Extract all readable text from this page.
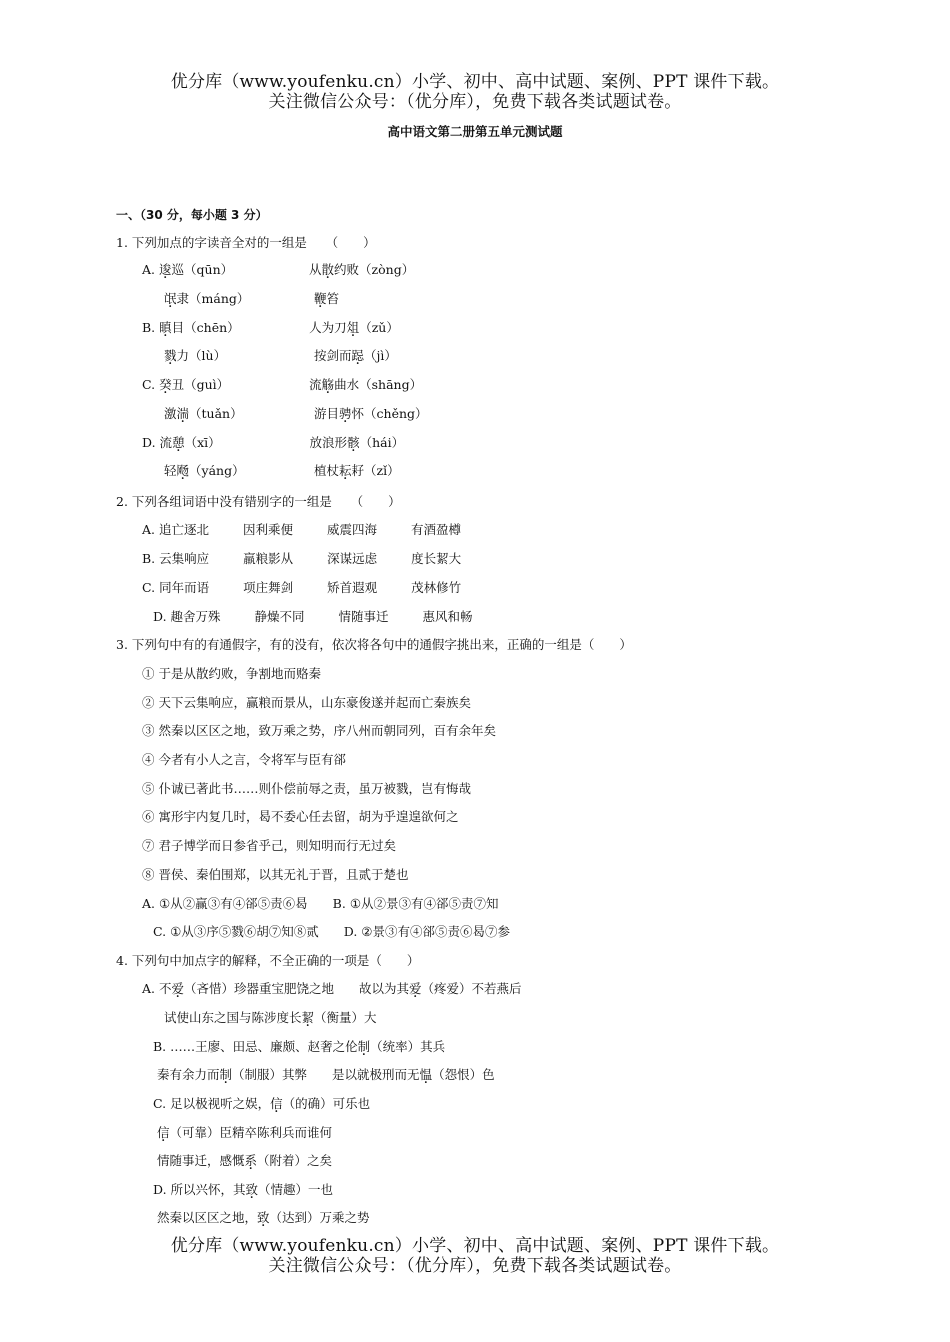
优分库（www.youfenku.cn）小学、初中、高中试题、案例、PPT 课件下载。
关注微信公众号：（优分库），免费下载各类试题试卷。
高中语文第二册第五单元测试题
一、（30 分，每小题 3 分）
1. 下列加点的字读音全对的一组是　　（　　）
A. 逡巡（qūn）	从散约败（zòng）
氓隶（máng）	鞭笞
B. 瞋目（chēn）	人为刀俎（zǔ）
戮力（lù）	按剑而跽（jì）
C. 癸丑（guì）	流觞曲水（shāng）
激湍（tuǎn）	游目骋怀（chěng）
D. 流憩（xī）	放浪形骸（hái）
轻飏（yáng）	植杖耘耔（zǐ）
2. 下列各组词语中没有错别字的一组是　　（　　）
A. 追亡逐北	因利乘便	威震四海	有酒盈樽
B. 云集响应	羸粮影从	深谋远虑	度长絜大
C. 同年而语	项庄舞剑	矫首遐观	茂林修竹
D. 趣舍万殊	静燥不同	情随事迁	惠风和畅
3. 下列句中有的有通假字，有的没有，依次将各句中的通假字挑出来，正确的一组是（　　）
① 于是从散约败，争割地而赂秦
② 天下云集响应，赢粮而景从，山东豪俊遂并起而亡秦族矣
③ 然秦以区区之地，致万乘之势，序八州而朝同列，百有余年矣
④ 今者有小人之言，令将军与臣有郤
⑤ 仆诚已著此书……则仆偿前辱之责，虽万被戮，岂有悔哉
⑥ 寓形宇内复几时，曷不委心任去留，胡为乎遑遑欲何之
⑦ 君子博学而日参省乎己，则知明而行无过矣
⑧ 晋侯、秦伯围郑，以其无礼于晋，且贰于楚也
A. ①从②赢③有④郤⑤责⑥曷　　B. ①从②景③有④郤⑤责⑦知
C. ①从③序⑤戮⑥胡⑦知⑧贰　　D. ②景③有④郤⑤责⑥曷⑦参
4. 下列句中加点字的解释，不全正确的一项是（　　）
A. 不爱（吝惜）珍器重宝肥饶之地　　故以为其爱（疼爱）不若燕后
试使山东之国与陈涉度长絜（衡量）大
B. ……王廖、田忌、廉颇、赵奢之伦制（统率）其兵
秦有余力而制（制服）其弊　　是以就极刑而无愠（怨恨）色
C. 足以极视听之娱，信（的确）可乐也
信（可靠）臣精卒陈利兵而谁何
情随事迁，感慨系（附着）之矣
D. 所以兴怀，其致（情趣）一也
然秦以区区之地，致（达到）万乘之势
优分库（www.youfenku.cn）小学、初中、高中试题、案例、PPT 课件下载。
关注微信公众号：（优分库），免费下载各类试题试卷。
